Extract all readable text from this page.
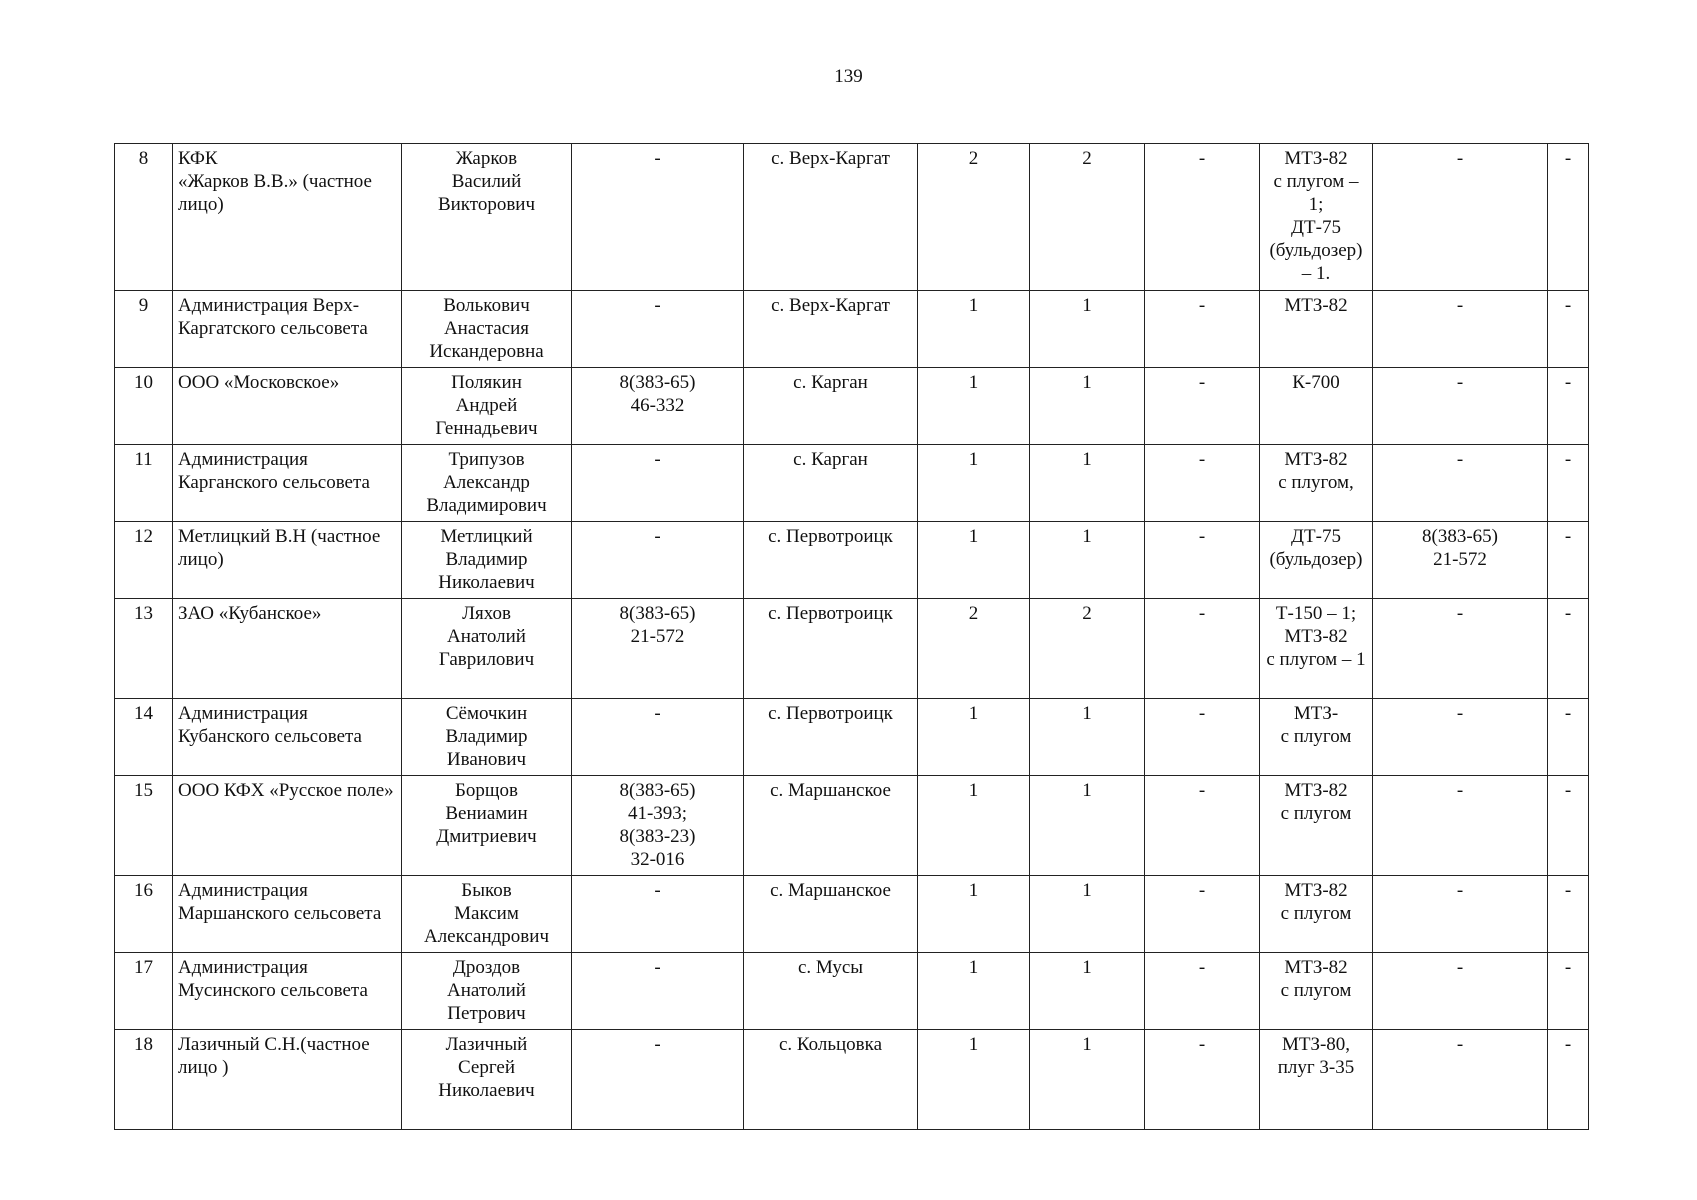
139
8	КФК
«Жарков В.В.» (частное лицо)	Жарков
Василий
Викторович	-	с. Верх-Каргат	2	2	-	МТЗ-82
с плугом – 1;
ДТ-75 (бульдозер) – 1.	-	-
9	Администрация Верх-Каргатского сельсовета	Волькович
Анастасия
Искандеровна	-	с. Верх-Каргат	1	1	-	МТЗ-82	-	-
10	ООО «Московское»	Полякин
Андрей
Геннадьевич	8(383-65)
46-332	с. Карган	1	1	-	К-700	-	-
11	Администрация Карганского сельсовета	Трипузов
Александр
Владимирович	-	с. Карган	1	1	-	МТЗ-82
с плугом,	-	-
12	Метлицкий В.Н (частное лицо)	Метлицкий
Владимир
Николаевич	-	с. Первотроицк	1	1	-	ДТ-75
(бульдозер)	8(383-65)
21-572	-
13	ЗАО «Кубанское»	Ляхов
Анатолий
Гаврилович	8(383-65)
21-572	с. Первотроицк	2	2	-	Т-150 – 1;
МТЗ-82
с плугом – 1	-	-
14	Администрация Кубанского сельсовета	Сёмочкин
Владимир
Иванович	-	с. Первотроицк	1	1	-	МТЗ-
с плугом	-	-
15	ООО КФХ «Русское поле»	Борщов
Вениамин
Дмитриевич	8(383-65)
41-393;
8(383-23)
32-016	с. Маршанское	1	1	-	МТЗ-82
с плугом	-	-
16	Администрация Маршанского сельсовета	Быков
Максим
Александрович	-	с. Маршанское	1	1	-	МТЗ-82
с плугом	-	-
17	Администрация Мусинского сельсовета	Дроздов
Анатолий
Петрович	-	с. Мусы	1	1	-	МТЗ-82
с плугом	-	-
18	Лазичный С.Н.(частное лицо )	Лазичный
Сергей
Николаевич	-	с. Кольцовка	1	1	-	МТЗ-80,
плуг 3-35	-	-
